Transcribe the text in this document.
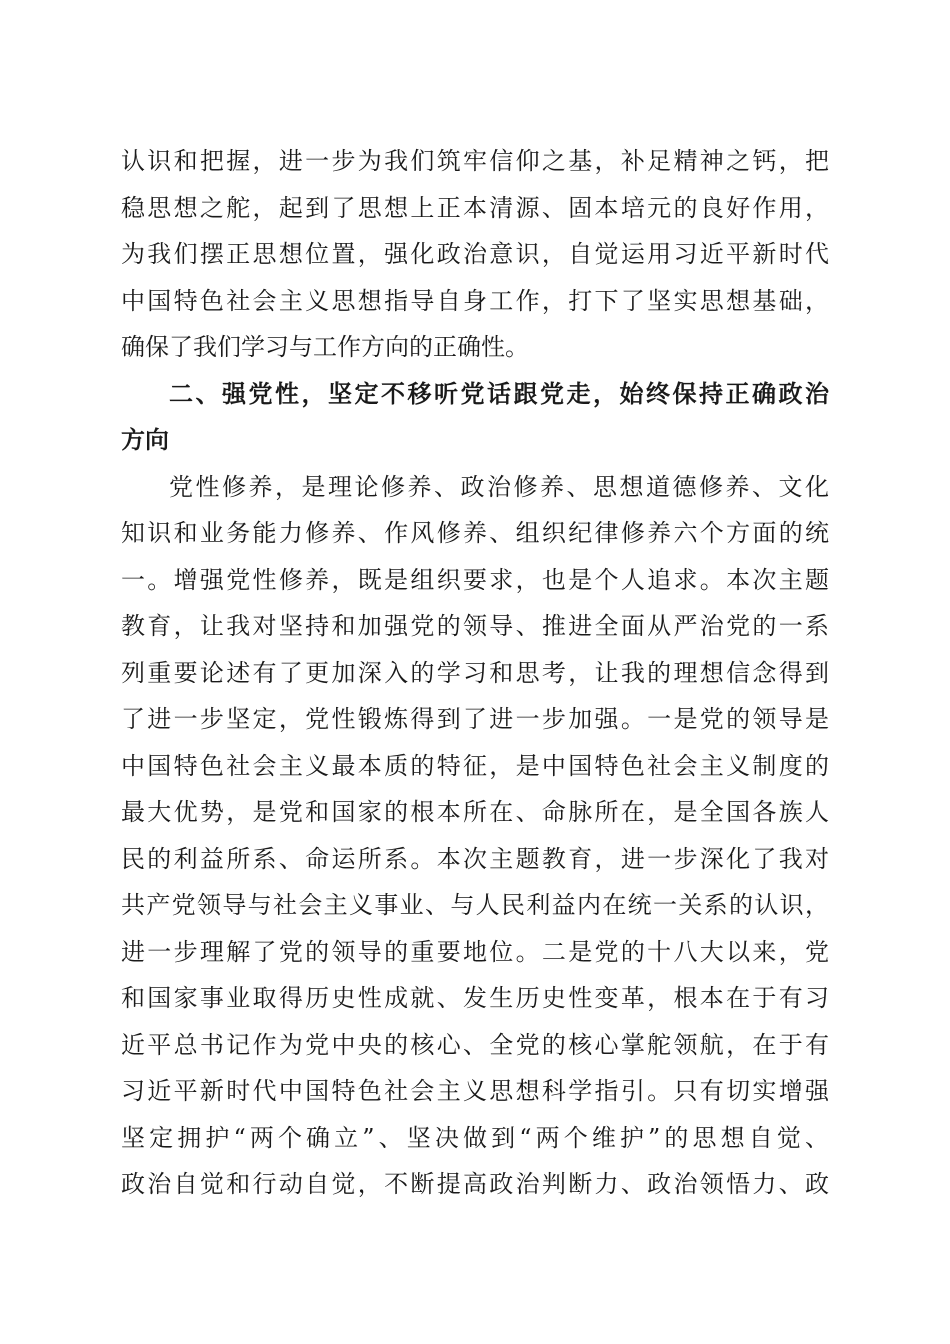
认识和把握，进一步为我们筑牢信仰之基，补足精神之钙，把
稳思想之舵，起到了思想上正本清源、固本培元的良好作用，
为我们摆正思想位置，强化政治意识，自觉运用习近平新时代
中国特色社会主义思想指导自身工作，打下了坚实思想基础，
确保了我们学习与工作方向的正确性。
二、强党性，坚定不移听党话跟党走，始终保持正确政治
方向
党性修养，是理论修养、政治修养、思想道德修养、文化
知识和业务能力修养、作风修养、组织纪律修养六个方面的统
一。增强党性修养，既是组织要求，也是个人追求。本次主题
教育，让我对坚持和加强党的领导、推进全面从严治党的一系
列重要论述有了更加深入的学习和思考，让我的理想信念得到
了进一步坚定，党性锻炼得到了进一步加强。一是党的领导是
中国特色社会主义最本质的特征，是中国特色社会主义制度的
最大优势，是党和国家的根本所在、命脉所在，是全国各族人
民的利益所系、命运所系。本次主题教育，进一步深化了我对
共产党领导与社会主义事业、与人民利益内在统一关系的认识，
进一步理解了党的领导的重要地位。二是党的十八大以来，党
和国家事业取得历史性成就、发生历史性变革，根本在于有习
近平总书记作为党中央的核心、全党的核心掌舵领航，在于有
习近平新时代中国特色社会主义思想科学指引。只有切实增强
坚定拥护“两个确立”、坚决做到“两个维护”的思想自觉、
政治自觉和行动自觉，不断提高政治判断力、政治领悟力、政
